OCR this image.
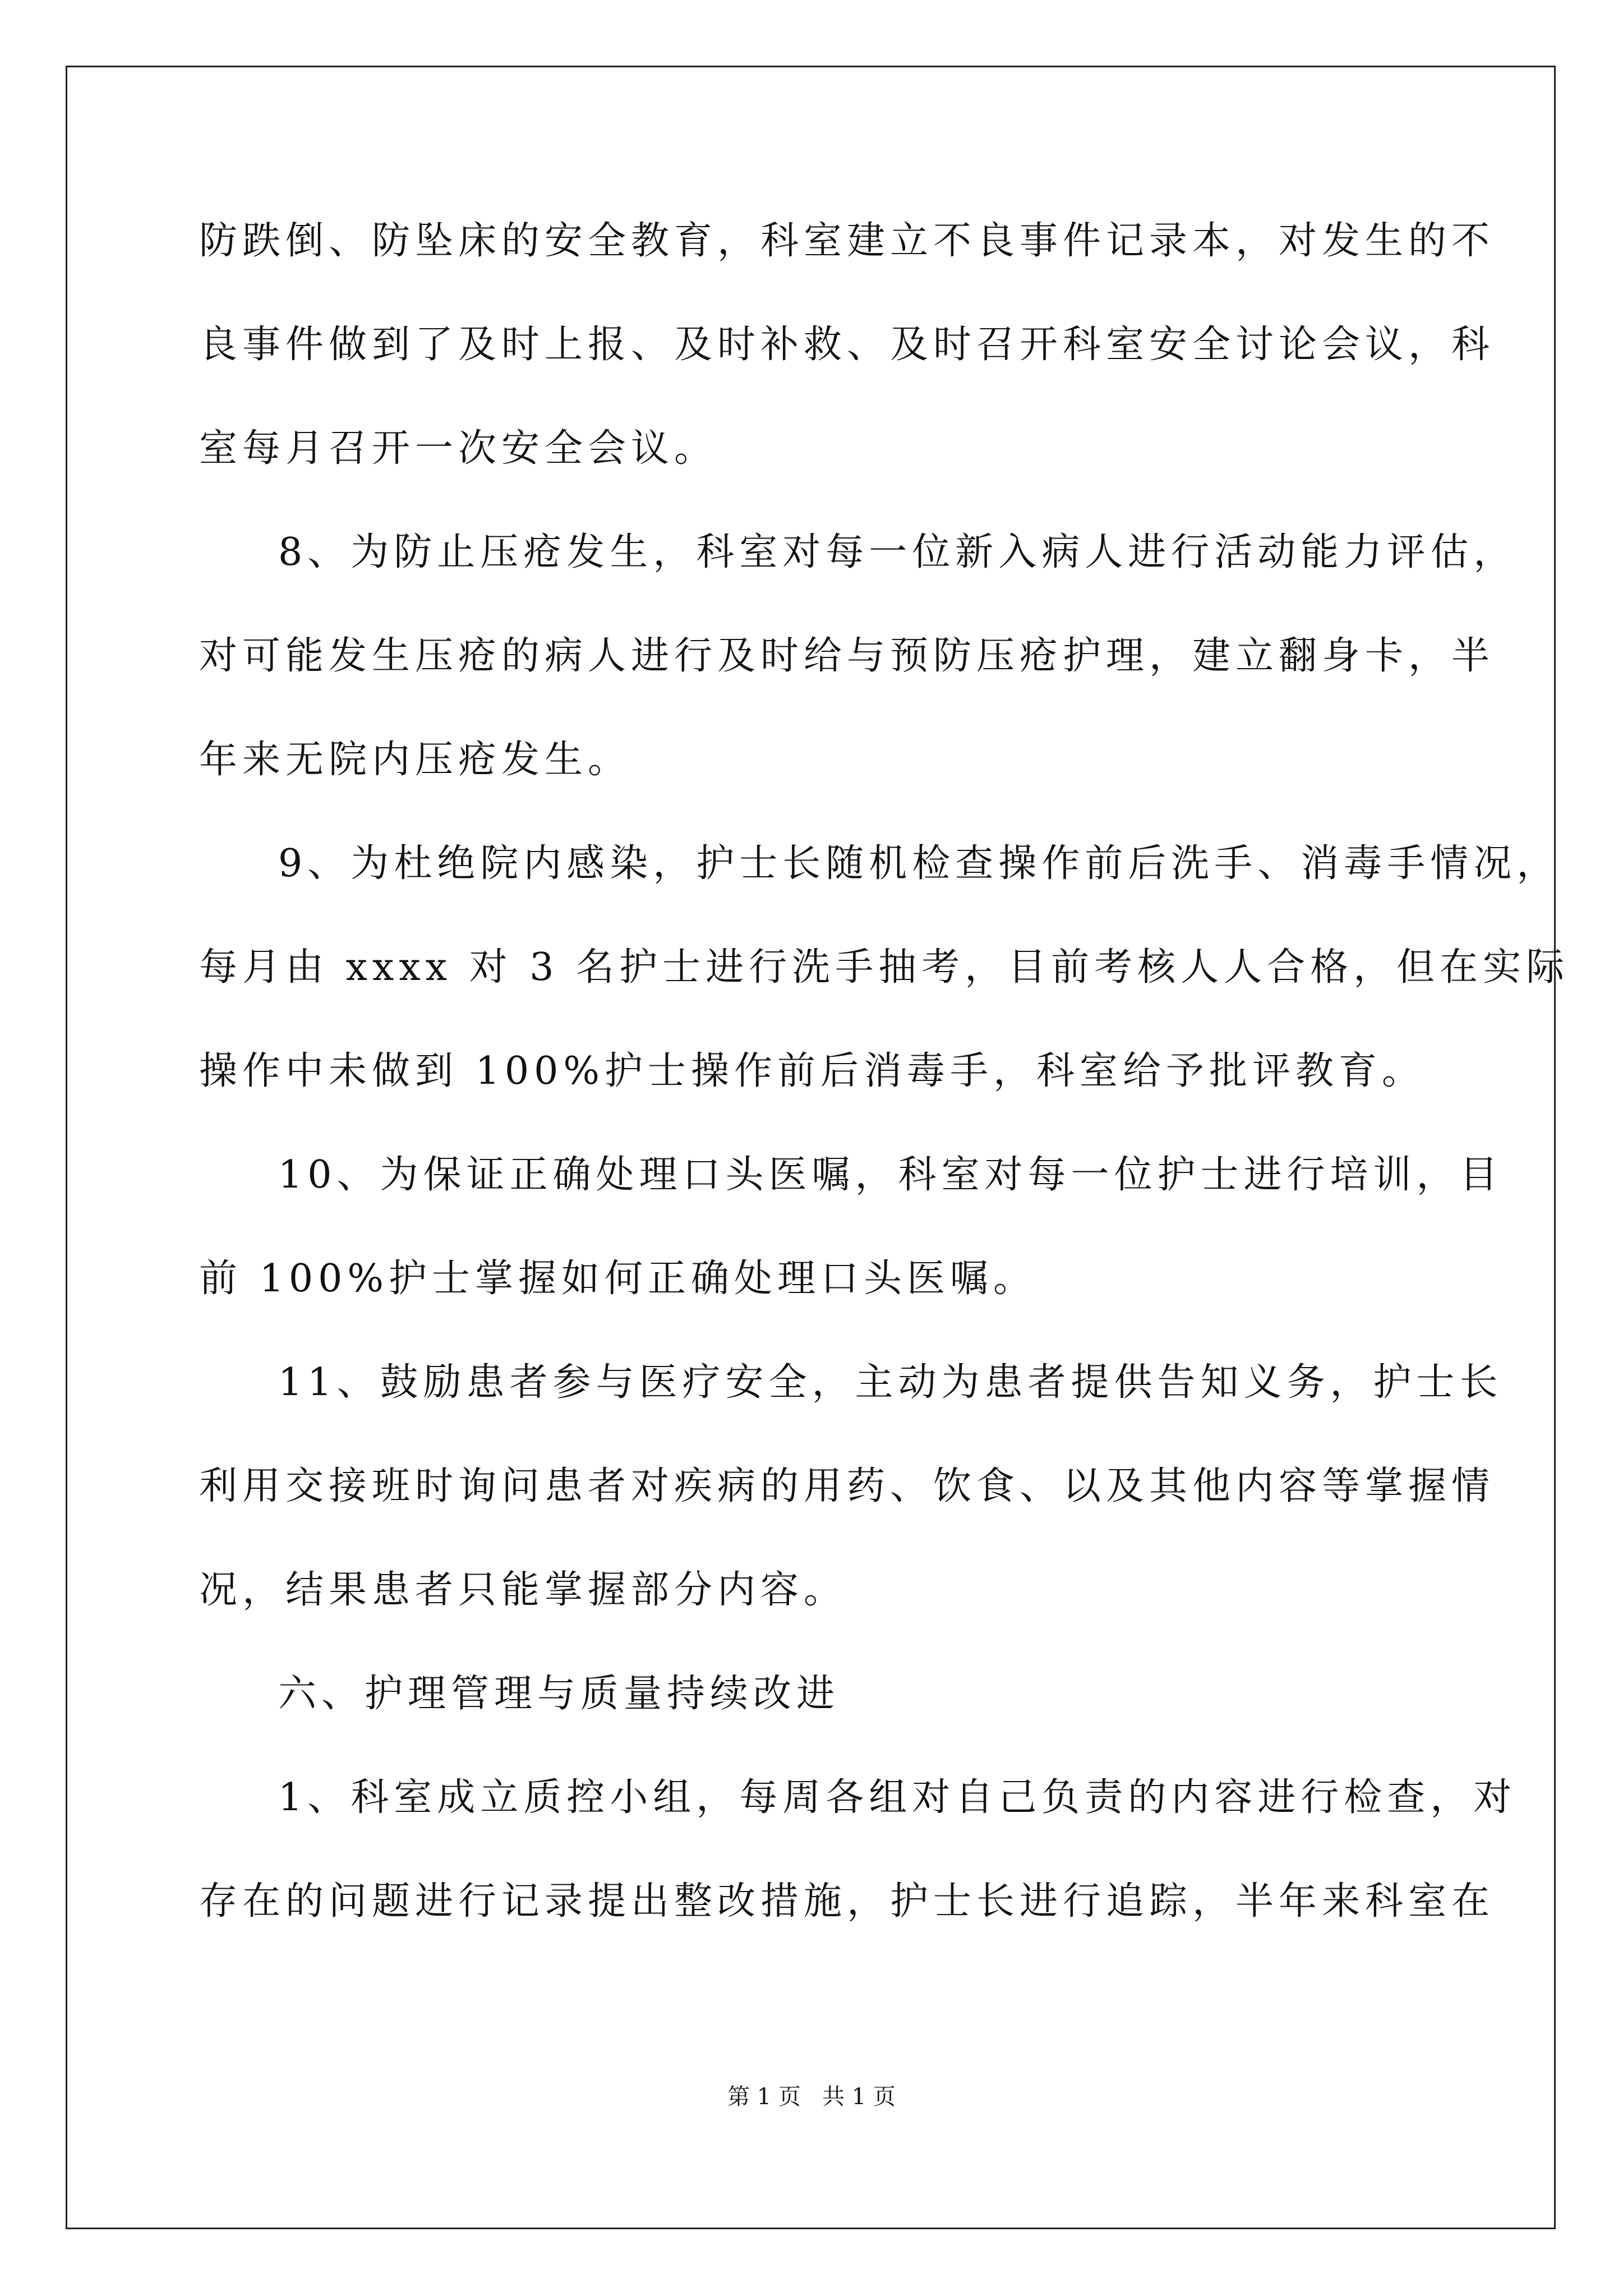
防跌倒、防坠床的安全教育，科室建立不良事件记录本，对发生的不
良事件做到了及时上报、及时补救、及时召开科室安全讨论会议，科
室每月召开一次安全会议。
8、为防止压疮发生，科室对每一位新入病人进行活动能力评估，
对可能发生压疮的病人进行及时给与预防压疮护理，建立翻身卡，半
年来无院内压疮发生。
9、为杜绝院内感染，护士长随机检查操作前后洗手、消毒手情况，
每月由 xxxx 对 3 名护士进行洗手抽考，目前考核人人合格，但在实际
操作中未做到 100%护士操作前后消毒手，科室给予批评教育。
10、为保证正确处理口头医嘱，科室对每一位护士进行培训，目
前 100%护士掌握如何正确处理口头医嘱。
11、鼓励患者参与医疗安全，主动为患者提供告知义务，护士长
利用交接班时询问患者对疾病的用药、饮食、以及其他内容等掌握情
况，结果患者只能掌握部分内容。
六、护理管理与质量持续改进
1、科室成立质控小组，每周各组对自己负责的内容进行检查，对
存在的问题进行记录提出整改措施，护士长进行追踪，半年来科室在
第 1 页 共 1 页
